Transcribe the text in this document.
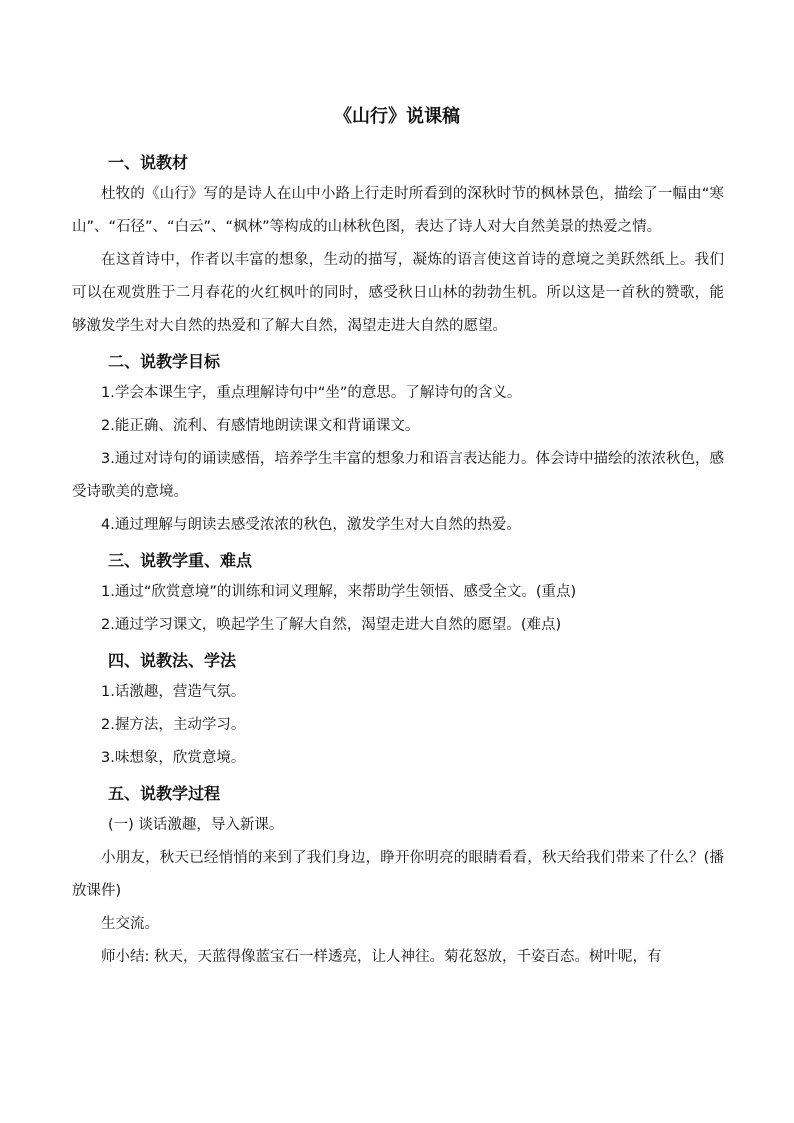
《山行》说课稿
一、说教材

杜牧的《山行》写的是诗人在山中小路上行走时所看到的深秋时节的枫林景色，描绘了一幅由“寒山”、“石径”、“白云”、“枫林”等构成的山林秋色图，表达了诗人对大自然美景的热爱之情。

在这首诗中，作者以丰富的想象，生动的描写，凝炼的语言使这首诗的意境之美跃然纸上。我们可以在观赏胜于二月春花的火红枫叶的同时，感受秋日山林的勃勃生机。所以这是一首秋的赞歌，能够激发学生对大自然的热爱和了解大自然，渴望走进大自然的愿望。

二、说教学目标

1.学会本课生字，重点理解诗句中“坐”的意思。了解诗句的含义。

2.能正确、流利、有感情地朗读课文和背诵课文。

3.通过对诗句的诵读感悟，培养学生丰富的想象力和语言表达能力。体会诗中描绘的浓浓秋色，感受诗歌美的意境。

4.通过理解与朗读去感受浓浓的秋色，激发学生对大自然的热爱。

三、说教学重、难点

1.通过“欣赏意境”的训练和词义理解，来帮助学生领悟、感受全文。(重点)

2.通过学习课文，唤起学生了解大自然，渴望走进大自然的愿望。(难点)

四、说教法、学法

1.话激趣，营造气氛。

2.握方法，主动学习。

3.味想象，欣赏意境。

五、说教学过程

(一) 谈话激趣，导入新课。

小朋友，秋天已经悄悄的来到了我们身边，睁开你明亮的眼睛看看，秋天给我们带来了什么？(播放课件)

生交流。

师小结: 秋天，天蓝得像蓝宝石一样透亮，让人神往。菊花怒放，千姿百态。树叶呢，有
